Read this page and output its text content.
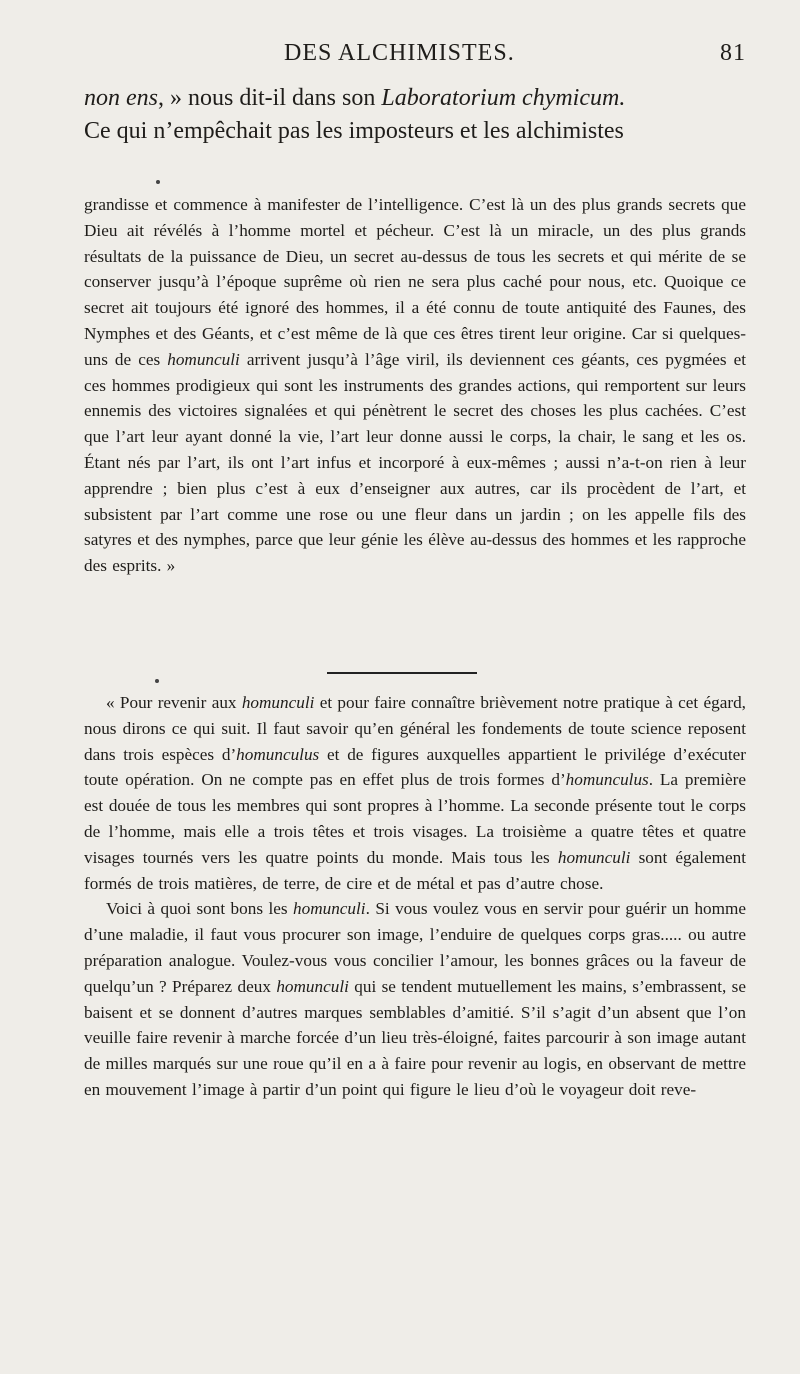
DES ALCHIMISTES.	81

non ens, » nous dit-il dans son Laboratorium chymicum.
Ce qui n’empêchait pas les imposteurs et les alchimistes

grandisse et commence à manifester de l’intelligence. C’est là un des plus grands secrets que Dieu ait révélés à l’homme mortel et pécheur. C’est là un miracle, un des plus grands résultats de la puissance de Dieu, un secret au-dessus de tous les secrets et qui mérite de se conserver jusqu’à l’époque suprême où rien ne sera plus caché pour nous, etc. Quoique ce secret ait toujours été ignoré des hommes, il a été connu de toute antiquité des Faunes, des Nymphes et des Géants, et c’est même de là que ces êtres tirent leur origine. Car si quelques-uns de ces homunculi arrivent jusqu’à l’âge viril, ils deviennent ces géants, ces pygmées et ces hommes prodigieux qui sont les instruments des grandes actions, qui remportent sur leurs ennemis des victoires signalées et qui pénètrent le secret des choses les plus cachées. C’est que l’art leur ayant donné la vie, l’art leur donne aussi le corps, la chair, le sang et les os. Étant nés par l’art, ils ont l’art infus et incorporé à eux-mêmes ; aussi n’a-t-on rien à leur apprendre ; bien plus c’est à eux d’enseigner aux autres, car ils procèdent de l’art, et subsistent par l’art comme une rose ou une fleur dans un jardin ; on les appelle fils des satyres et des nymphes, parce que leur génie les élève au-dessus des hommes et les rapproche des esprits. »

« Pour revenir aux homunculi et pour faire connaître brièvement notre pratique à cet égard, nous dirons ce qui suit. Il faut savoir qu’en général les fondements de toute science reposent dans trois espèces d’homunculus et de figures auxquelles appartient le privilége d’exécuter toute opération. On ne compte pas en effet plus de trois formes d’homunculus. La première est douée de tous les membres qui sont propres à l’homme. La seconde présente tout le corps de l’homme, mais elle a trois têtes et trois visages. La troisième a quatre têtes et quatre visages tournés vers les quatre points du monde. Mais tous les homunculi sont également formés de trois matières, de terre, de cire et de métal et pas d’autre chose.

Voici à quoi sont bons les homunculi. Si vous voulez vous en servir pour guérir un homme d’une maladie, il faut vous procurer son image, l’enduire de quelques corps gras..... ou autre préparation analogue. Voulez-vous vous concilier l’amour, les bonnes grâces ou la faveur de quelqu’un ? Préparez deux homunculi qui se tendent mutuellement les mains, s’embrassent, se baisent et se donnent d’autres marques semblables d’amitié. S’il s’agit d’un absent que l’on veuille faire revenir à marche forcée d’un lieu très-éloigné, faites parcourir à son image autant de milles marqués sur une roue qu’il en a à faire pour revenir au logis, en observant de mettre en mouvement l’image à partir d’un point qui figure le lieu d’où le voyageur doit reve-
